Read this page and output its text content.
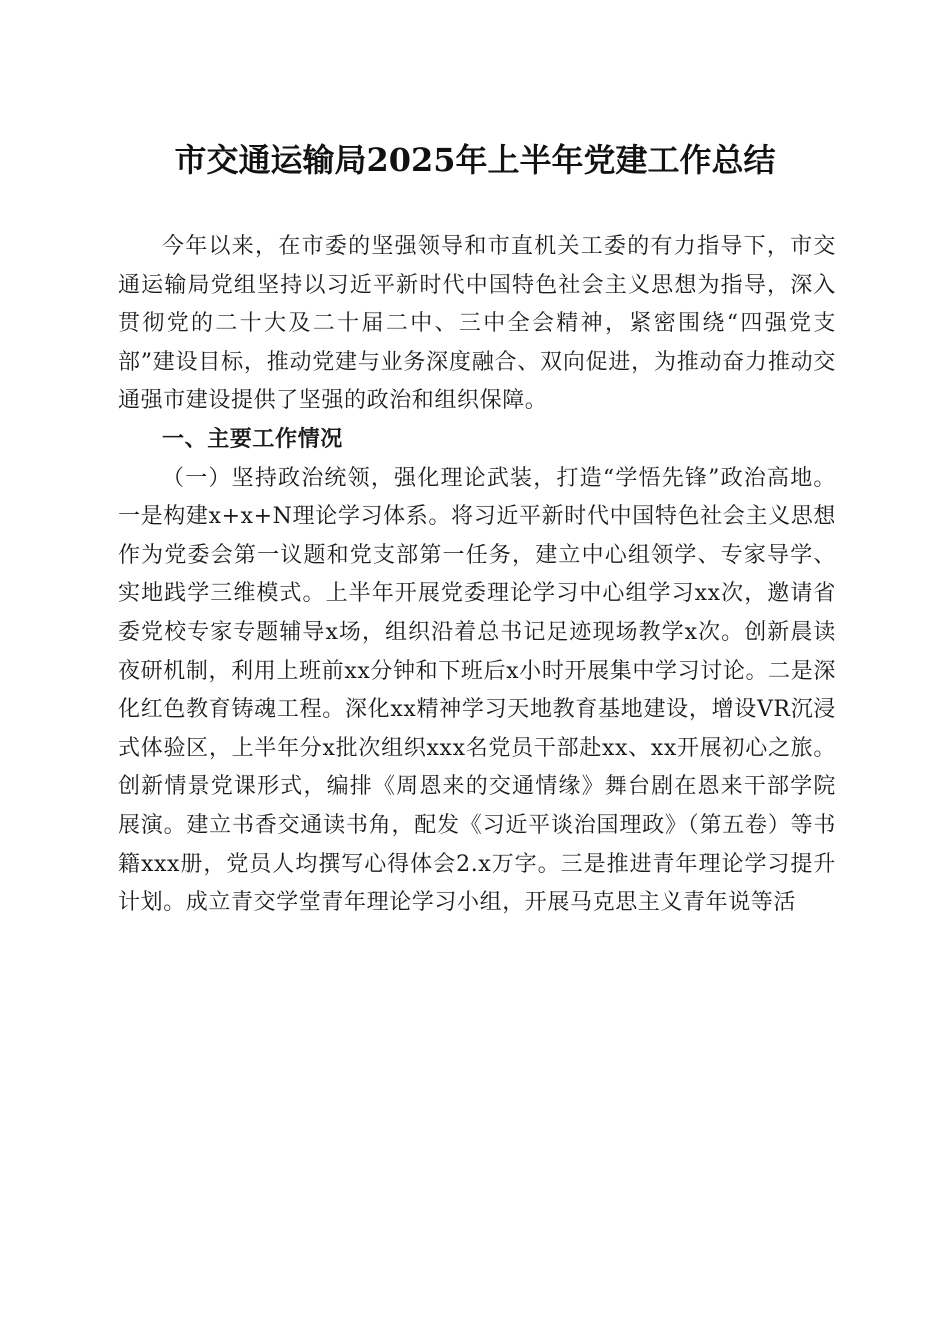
市交通运输局2025年上半年党建工作总结

今年以来，在市委的坚强领导和市直机关工委的有力指导下，市交通运输局党组坚持以习近平新时代中国特色社会主义思想为指导，深入贯彻党的二十大及二十届二中、三中全会精神，紧密围绕“四强党支部”建设目标，推动党建与业务深度融合、双向促进，为推动奋力推动交通强市建设提供了坚强的政治和组织保障。

一、主要工作情况

（一）坚持政治统领，强化理论武装，打造“学悟先锋”政治高地。一是构建x+x+N理论学习体系。将习近平新时代中国特色社会主义思想作为党委会第一议题和党支部第一任务，建立中心组领学、专家导学、实地践学三维模式。上半年开展党委理论学习中心组学习xx次，邀请省委党校专家专题辅导x场，组织沿着总书记足迹现场教学x次。创新晨读夜研机制，利用上班前xx分钟和下班后x小时开展集中学习讨论。二是深化红色教育铸魂工程。深化xx精神学习天地教育基地建设，增设VR沉浸式体验区，上半年分x批次组织xxx名党员干部赴xx、xx开展初心之旅。创新情景党课形式，编排《周恩来的交通情缘》舞台剧在恩来干部学院展演。建立书香交通读书角，配发《习近平谈治国理政》（第五卷）等书籍xxx册，党员人均撰写心得体会2.x万字。三是推进青年理论学习提升计划。成立青交学堂青年理论学习小组，开展马克思主义青年说等活
